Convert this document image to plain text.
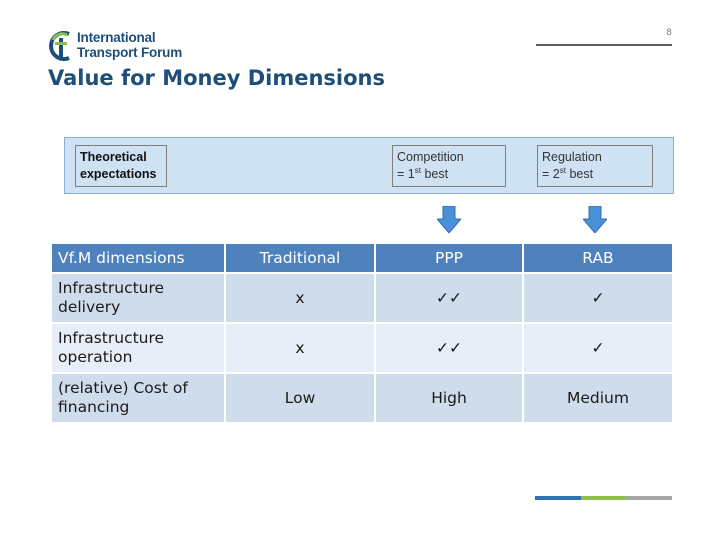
8
International
Transport Forum
Value for Money Dimensions
Theoretical expectations
Competition
= 1st best
Regulation
= 2st best
Vf.M dimensions	Traditional	PPP	RAB
Infrastructure delivery	x	✓✓	✓
Infrastructure operation	x	✓✓	✓
(relative) Cost of financing	Low	High	Medium
